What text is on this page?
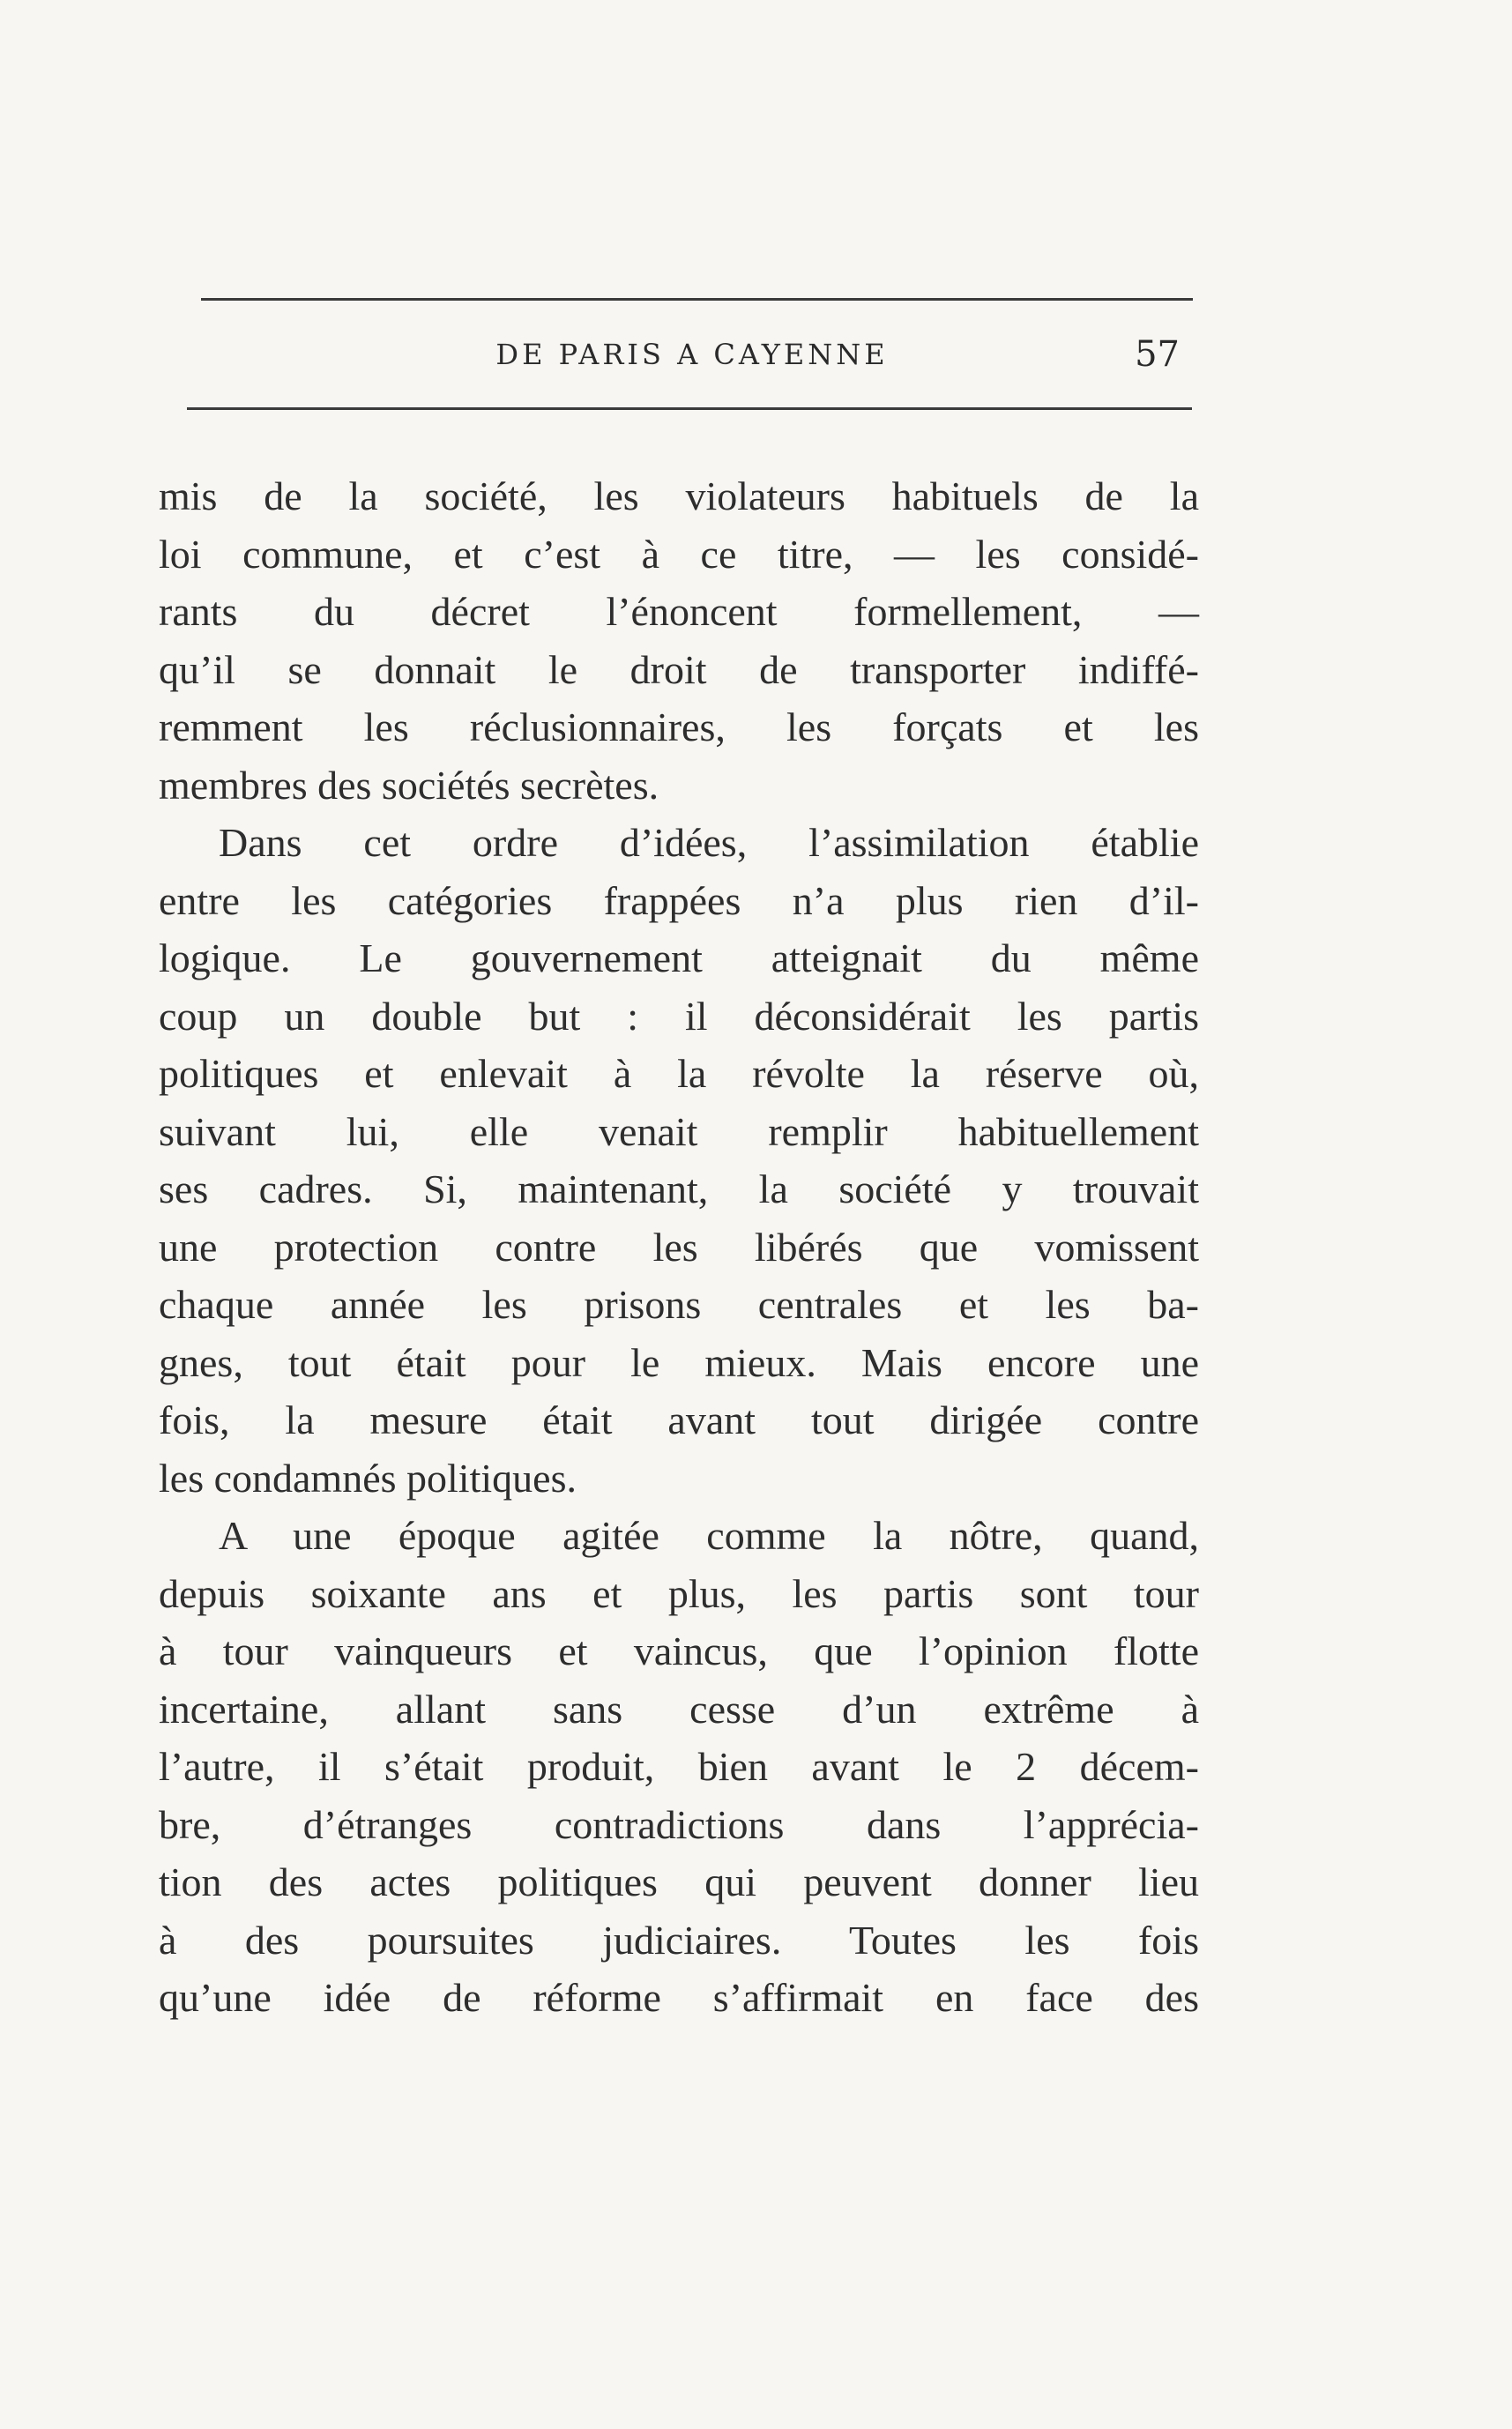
DE PARIS A CAYENNE	57
mis de la société, les violateurs habituels de la
loi commune, et c’est à ce titre, — les considé-
rants du décret l’énoncent formellement, —
qu’il se donnait le droit de transporter indiffé-
remment les réclusionnaires, les forçats et les
membres des sociétés secrètes.
Dans cet ordre d’idées, l’assimilation établie
entre les catégories frappées n’a plus rien d’il-
logique. Le gouvernement atteignait du même
coup un double but : il déconsidérait les partis
politiques et enlevait à la révolte la réserve où,
suivant lui, elle venait remplir habituellement
ses cadres. Si, maintenant, la société y trouvait
une protection contre les libérés que vomissent
chaque année les prisons centrales et les ba-
gnes, tout était pour le mieux. Mais encore une
fois, la mesure était avant tout dirigée contre
les condamnés politiques.
A une époque agitée comme la nôtre, quand,
depuis soixante ans et plus, les partis sont tour
à tour vainqueurs et vaincus, que l’opinion flotte
incertaine, allant sans cesse d’un extrême à
l’autre, il s’était produit, bien avant le 2 décem-
bre, d’étranges contradictions dans l’apprécia-
tion des actes politiques qui peuvent donner lieu
à des poursuites judiciaires. Toutes les fois
qu’une idée de réforme s’affirmait en face des
